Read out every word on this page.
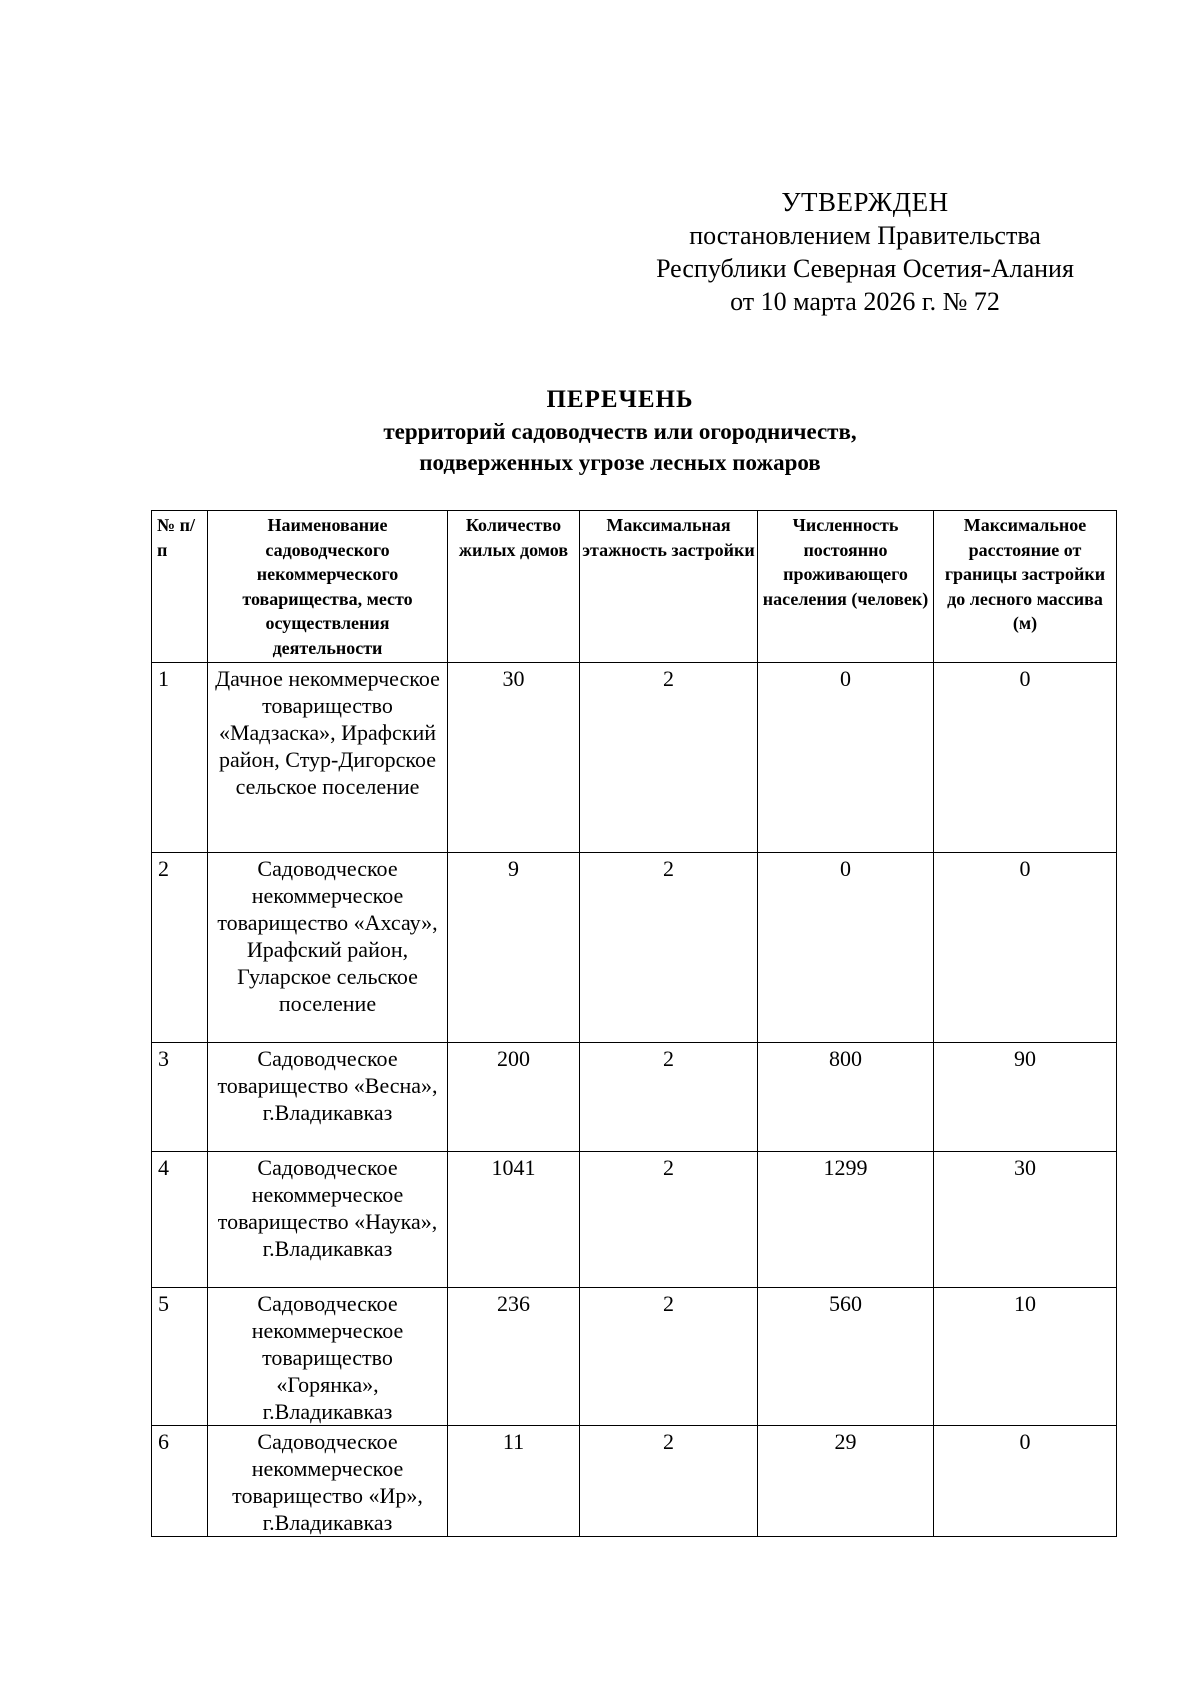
УТВЕРЖДЕН
постановлением Правительства
Республики Северная Осетия-Алания
от 10 марта 2026 г. № 72
ПЕРЕЧЕНЬ
территорий садоводчеств или огородничеств,
подверженных угрозе лесных пожаров
№ п/п	Наименование садоводческого некоммерческого товарищества, место осуществления деятельности	Количество жилых домов	Максимальная этажность застройки	Численность постоянно проживающего населения (человек)	Максимальное расстояние от границы застройки до лесного массива (м)
1	Дачное некоммерческое товарищество «Мадзаска», Ирафский район, Стур-Дигорское сельское поселение	30	2	0	0
2	Садоводческое некоммерческое товарищество «Ахсау», Ирафский район, Гуларское сельское поселение	9	2	0	0
3	Садоводческое товарищество «Весна», г.Владикавказ	200	2	800	90
4	Садоводческое некоммерческое товарищество «Наука», г.Владикавказ	1041	2	1299	30
5	Садоводческое некоммерческое товарищество «Горянка», г.Владикавказ	236	2	560	10
6	Садоводческое некоммерческое товарищество «Ир», г.Владикавказ	11	2	29	0
